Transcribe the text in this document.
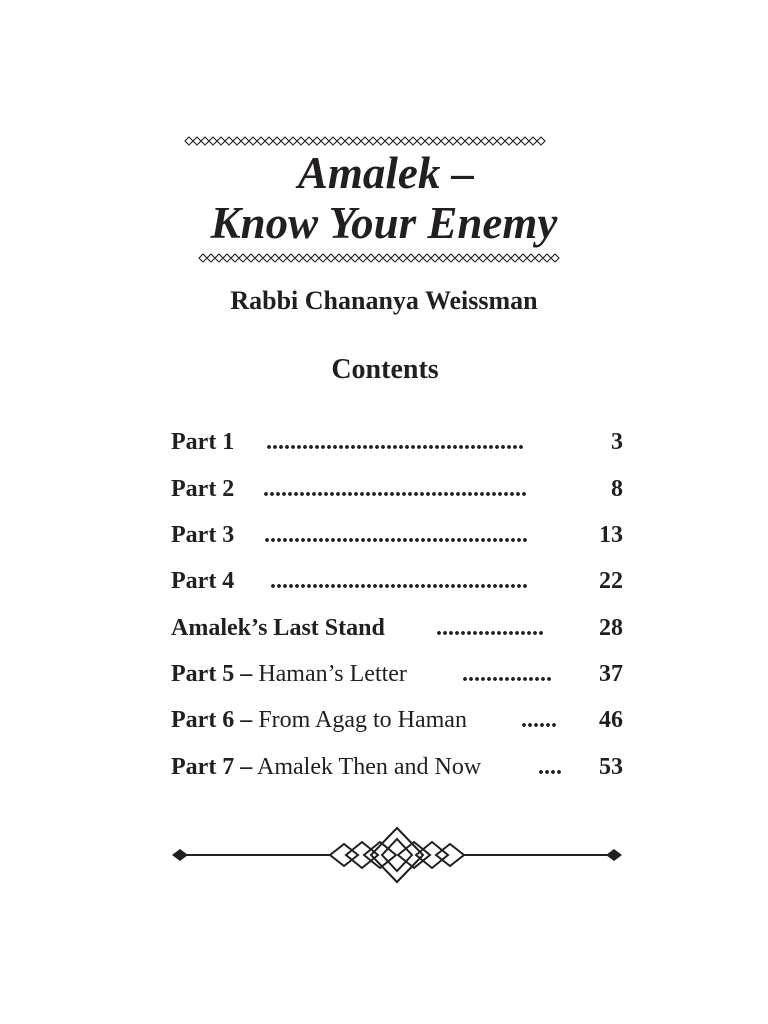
Amalek –
Know Your Enemy
Rabbi Chananya Weissman
Contents
Part 1 ...........................................	3
Part 2 ............................................	8
Part 3 ............................................	13
Part 4 ...........................................	22
Amalek’s Last Stand .................. 28
Part 5 – Haman’s Letter ............... 37
Part 6 – From Agag to Haman ...... 46
Part 7 – Amalek Then and Now .... 53
